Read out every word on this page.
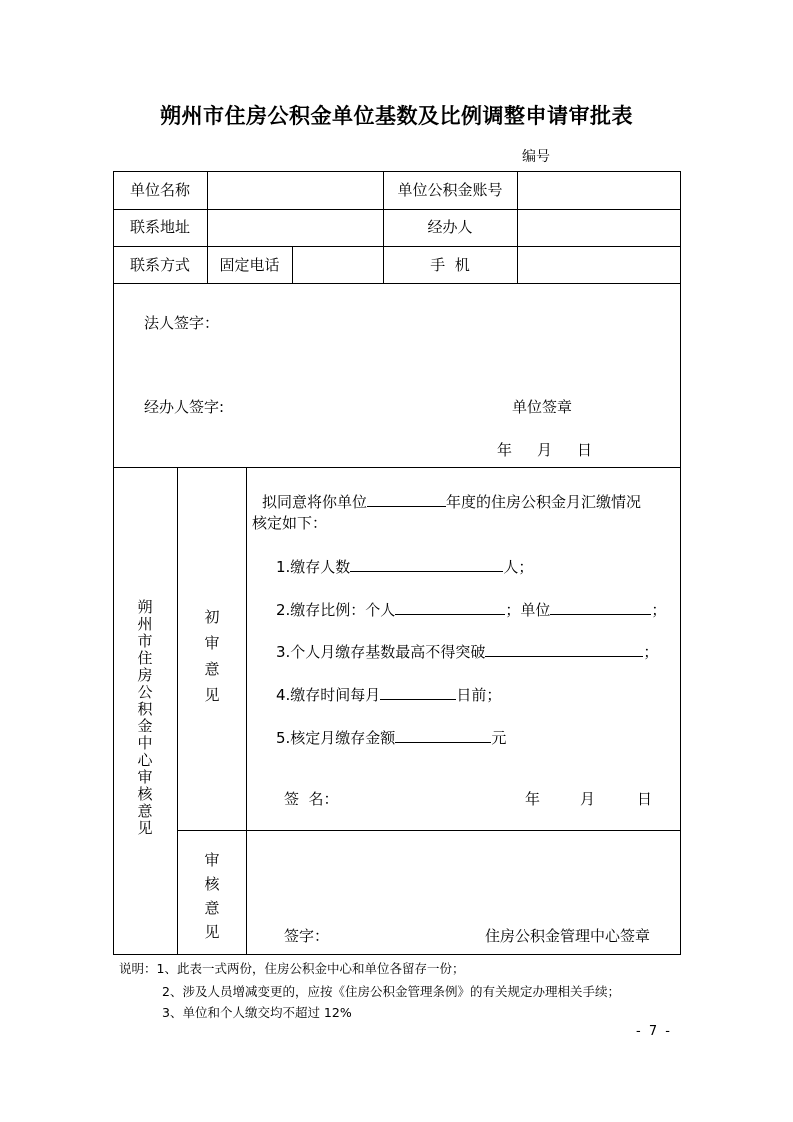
朔州市住房公积金单位基数及比例调整申请审批表
编号
单位名称	单位公积金账号
联系地址	经办人
联系方式	固定电话	手  机
法人签字：
经办人签字:	单位签章
年 月 日
朔州市住房公积金中心审核意见
初审意见
拟同意将你单位	年度的住房公积金月汇缴情况
核定如下：
1.缴存人数	人；
2.缴存比例：个人	；单位	；
3.个人月缴存基数最高不得突破	；
4.缴存时间每月	日前；
5.核定月缴存金额	元
签  名：	年	月	日
审核意见	签字：	住房公积金管理中心签章
说明：1、此表一式两份，住房公积金中心和单位各留存一份；
2、涉及人员增减变更的，应按《住房公积金管理条例》的有关规定办理相关手续；
3、单位和个人缴交均不超过 12%
- 7 -
